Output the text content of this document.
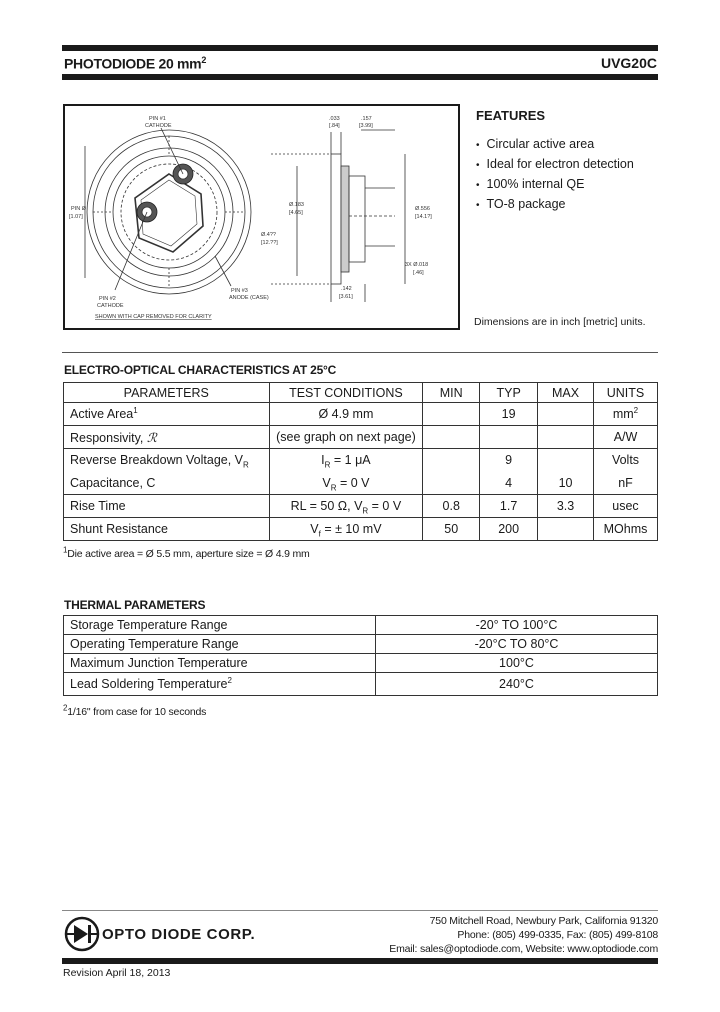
PHOTODIODE 20 $mm^2$	UVG20C
PIN #1
CATHODE
PIN Ø
[1.07]
PIN #2
CATHODE
PIN #3
ANODE (CASE)
SHOWN WITH CAP REMOVED FOR CLARITY
Ø.183
[4.65]
Ø.4??
[12.??]
.033
[.84]
.157
[3.99]
Ø.556
[14.1?]
3X Ø.018
[.46]
.142
[3.61]
FEATURES
• Circular active area
• Ideal for electron detection
• 100% internal QE
• TO-8 package
Dimensions are in inch [metric] units.
ELECTRO-OPTICAL CHARACTERISTICS AT 25°C
PARAMETERS	TEST CONDITIONS	MIN	TYP	MAX	UNITS
Active Area$^1$	Ø 4.9 mm		19		$mm^2$
Responsivity, ℛ	(see graph on next page)				A/W
Reverse Breakdown Voltage, $V_R$	$I_R = 1$ μA		9		Volts
Capacitance, C	$V_R = 0$ V		4	10	nF
Rise Time	RL = 50 Ω, $V_R = 0$ V	0.8	1.7	3.3	usec
Shunt Resistance	$V_f$ = ± 10 mV	50	200		MOhms
$^1$Die active area = Ø 5.5 mm, aperture size = Ø 4.9 mm
THERMAL PARAMETERS
Storage Temperature Range	-20° TO 100°C
Operating Temperature Range	-20°C TO 80°C
Maximum Junction Temperature	100°C
Lead Soldering Temperature$^2$	240°C
$^2$1/16" from case for 10 seconds
OPTO DIODE CORP.
750 Mitchell Road, Newbury Park, California 91320
Phone: (805) 499-0335, Fax: (805) 499-8108
Email: sales@optodiode.com, Website: www.optodiode.com
Revision April 18, 2013
